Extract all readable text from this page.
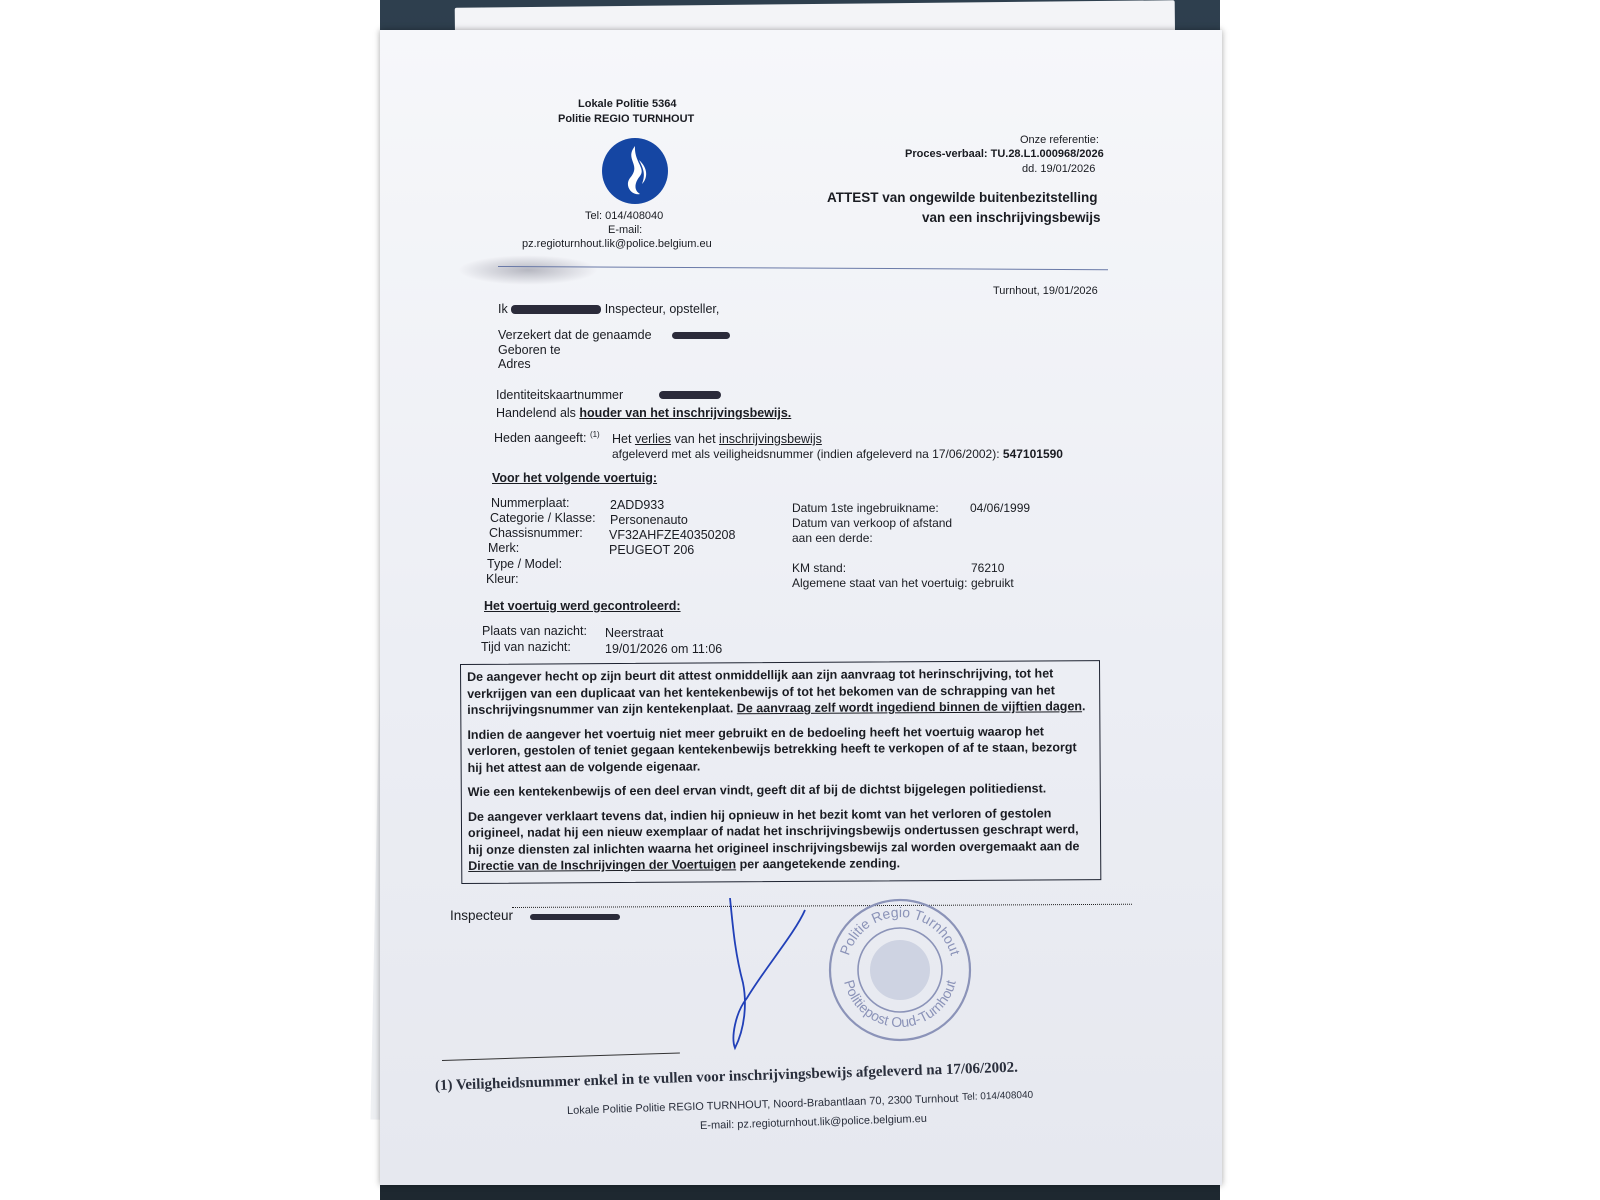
Lokale Politie 5364
Politie REGIO TURNHOUT
Tel: 014/408040
E-mail:
pz.regioturnhout.lik@police.belgium.eu
Onze referentie:
Proces-verbaal: TU.28.L1.000968/2026
dd. 19/01/2026
ATTEST van ongewilde buitenbezitstelling
van een inschrijvingsbewijs
Turnhout, 19/01/2026
Ik	Inspecteur, opsteller,
Verzekert dat de genaamde
Geboren te
Adres
Identiteitskaartnummer
Handelend als houder van het inschrijvingsbewijs.
Heden aangeeft: $^{(1)}$ Het verlies van het inschrijvingsbewijs
afgeleverd met als veiligheidsnummer (indien afgeleverd na 17/06/2002): 547101590
Voor het volgende voertuig:
Nummerplaat:	2ADD933
Categorie / Klasse: Personenauto
Chassisnummer: VF32AHFZE40350208
Merk:	PEUGEOT 206
Type / Model:
Kleur:
Datum 1ste ingebruikname:	04/06/1999
Datum van verkoop of afstand
aan een derde:
KM stand:	76210
Algemene staat van het voertuig: gebruikt
Het voertuig werd gecontroleerd:
Plaats van nazicht: Neerstraat
Tijd van nazicht:	19/01/2026 om 11:06

De aangever hecht op zijn beurt dit attest onmiddellijk aan zijn aanvraag tot herinschrijving, tot het verkrijgen van een duplicaat van het kentekenbewijs of tot het bekomen van de schrapping van het inschrijvingsnummer van zijn kentekenplaat. De aanvraag zelf wordt ingediend binnen de vijftien dagen.

Indien de aangever het voertuig niet meer gebruikt en de bedoeling heeft het voertuig waarop het verloren, gestolen of teniet gegaan kentekenbewijs betrekking heeft te verkopen of af te staan, bezorgt hij het attest aan de volgende eigenaar.

Wie een kentekenbewijs of een deel ervan vindt, geeft dit af bij de dichtst bijgelegen politiedienst.

De aangever verklaart tevens dat, indien hij opnieuw in het bezit komt van het verloren of gestolen origineel, nadat hij een nieuw exemplaar of nadat het inschrijvingsbewijs ondertussen geschrapt werd, hij onze diensten zal inlichten waarna het origineel inschrijvingsbewijs zal worden overgemaakt aan de Directie van de Inschrijvingen der Voertuigen per aangetekende zending.

Inspecteur
Politie Regio Turnhout
Politiepost Oud-Turnhout
(1) Veiligheidsnummer enkel in te vullen voor inschrijvingsbewijs afgeleverd na 17/06/2002.
Lokale Politie Politie REGIO TURNHOUT, Noord-Brabantlaan 70, 2300 Turnhout Tel: 014/408040
E-mail: pz.regioturnhout.lik@police.belgium.eu
